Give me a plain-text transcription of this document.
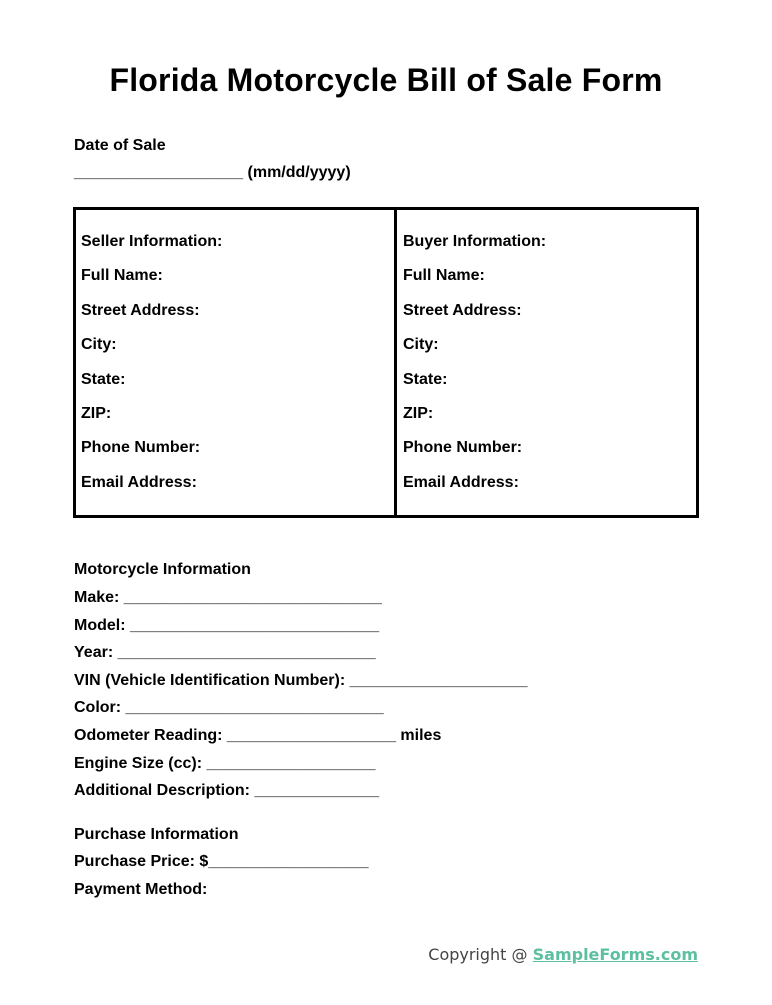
Florida Motorcycle Bill of Sale Form
Date of Sale
___________________ (mm/dd/yyyy)
Seller Information:
Full Name:
Street Address:
City:
State:
ZIP:
Phone Number:
Email Address:
Buyer Information:
Full Name:
Street Address:
City:
State:
ZIP:
Phone Number:
Email Address:
Motorcycle Information
Make: _____________________________
Model: ____________________________
Year: _____________________________
VIN (Vehicle Identification Number): ____________________
Color: _____________________________
Odometer Reading: ___________________ miles
Engine Size (cc): ___________________
Additional Description: ______________
Purchase Information
Purchase Price: $__________________
Payment Method:
Copyright @ SampleForms.com
